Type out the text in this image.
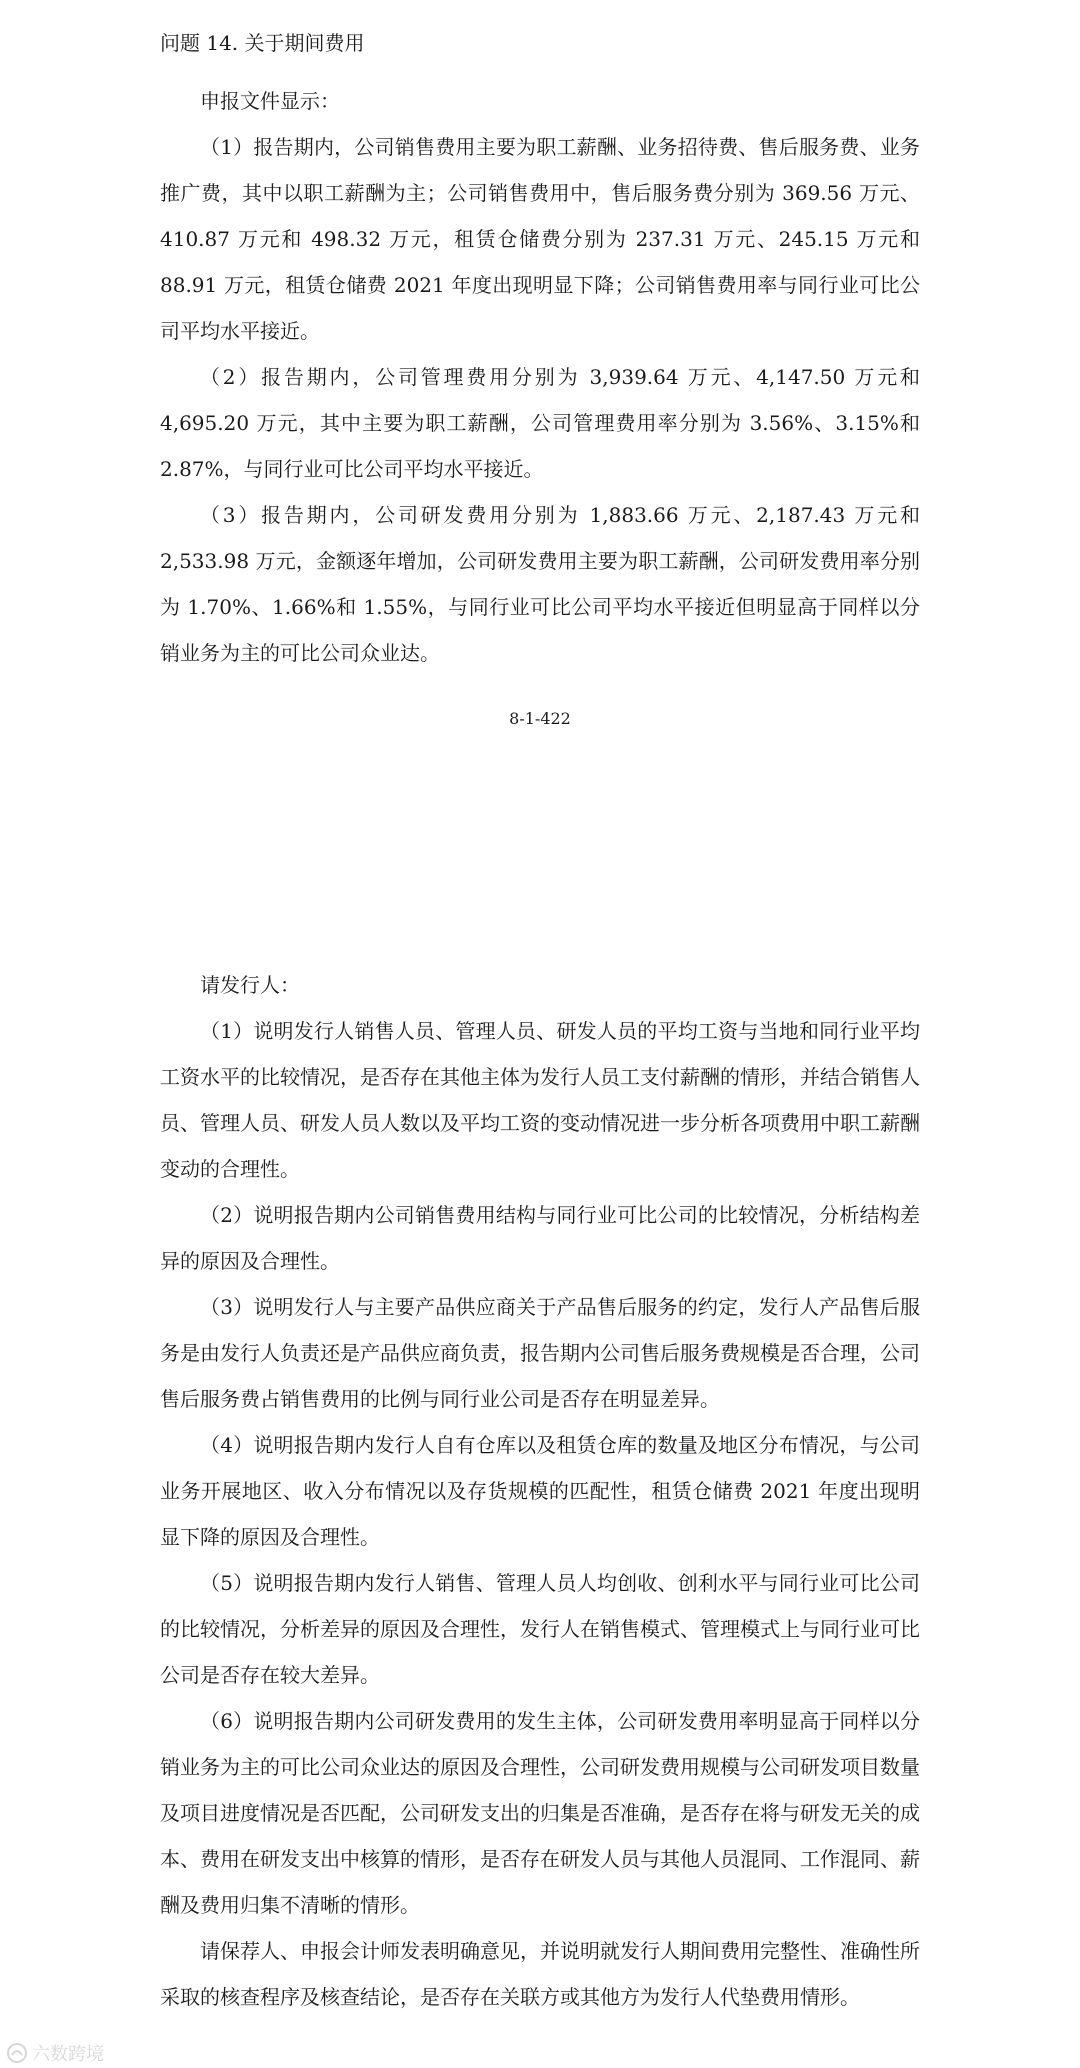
问题 14. 关于期间费用

申报文件显示：

（1）报告期内，公司销售费用主要为职工薪酬、业务招待费、售后服务费、业务推广费，其中以职工薪酬为主；公司销售费用中，售后服务费分别为 369.56 万元、410.87 万元和 498.32 万元，租赁仓储费分别为 237.31 万元、245.15 万元和 88.91 万元，租赁仓储费 2021 年度出现明显下降；公司销售费用率与同行业可比公司平均水平接近。

（2）报告期内，公司管理费用分别为 3,939.64 万元、4,147.50 万元和 4,695.20 万元，其中主要为职工薪酬，公司管理费用率分别为 3.56%、3.15%和 2.87%，与同行业可比公司平均水平接近。

（3）报告期内，公司研发费用分别为 1,883.66 万元、2,187.43 万元和 2,533.98 万元，金额逐年增加，公司研发费用主要为职工薪酬，公司研发费用率分别为 1.70%、1.66%和 1.55%，与同行业可比公司平均水平接近但明显高于同样以分销业务为主的可比公司众业达。

8-1-422

请发行人：

（1）说明发行人销售人员、管理人员、研发人员的平均工资与当地和同行业平均工资水平的比较情况，是否存在其他主体为发行人员工支付薪酬的情形，并结合销售人员、管理人员、研发人员人数以及平均工资的变动情况进一步分析各项费用中职工薪酬变动的合理性。

（2）说明报告期内公司销售费用结构与同行业可比公司的比较情况，分析结构差异的原因及合理性。

（3）说明发行人与主要产品供应商关于产品售后服务的约定，发行人产品售后服务是由发行人负责还是产品供应商负责，报告期内公司售后服务费规模是否合理，公司售后服务费占销售费用的比例与同行业公司是否存在明显差异。

（4）说明报告期内发行人自有仓库以及租赁仓库的数量及地区分布情况，与公司业务开展地区、收入分布情况以及存货规模的匹配性，租赁仓储费 2021 年度出现明显下降的原因及合理性。

（5）说明报告期内发行人销售、管理人员人均创收、创利水平与同行业可比公司的比较情况，分析差异的原因及合理性，发行人在销售模式、管理模式上与同行业可比公司是否存在较大差异。

（6）说明报告期内公司研发费用的发生主体，公司研发费用率明显高于同样以分销业务为主的可比公司众业达的原因及合理性，公司研发费用规模与公司研发项目数量及项目进度情况是否匹配，公司研发支出的归集是否准确，是否存在将与研发无关的成本、费用在研发支出中核算的情形，是否存在研发人员与其他人员混同、工作混同、薪酬及费用归集不清晰的情形。

请保荐人、申报会计师发表明确意见，并说明就发行人期间费用完整性、准确性所采取的核查程序及核查结论，是否存在关联方或其他方为发行人代垫费用情形。

六数跨境
